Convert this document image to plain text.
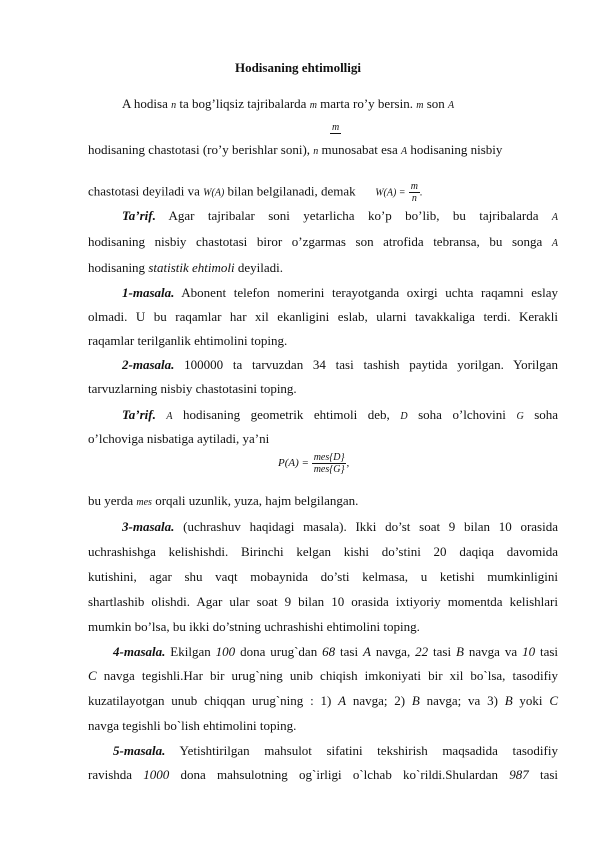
Hodisaning ehtimolligi
A hodisa n ta bog’liqsiz tajribalarda m marta ro’y bersin. m son A
m
hodisaning chastotasi (ro’y berishlar soni), n munosabat esa A hodisaning nisbiy
chastotasi deyiladi va W(A) bilan belgilanadi, demak $W(A) = \frac{m}{n}$ .
Ta’rif. Agar tajribalar soni yetarlicha ko’p bo’lib, bu tajribalarda A
hodisaning nisbiy chastotasi biror o’zgarmas son atrofida tebransa, bu songa A
hodisaning statistik ehtimoli deyiladi.
1-masala. Abonent telefon nomerini terayotganda oxirgi uchta raqamni eslay
olmadi. U bu raqamlar har xil ekanligini eslab, ularni tavakkaliga terdi. Kerakli
raqamlar terilganlik ehtimolini toping.
2-masala. 100000 ta tarvuzdan 34 tasi tashish paytida yorilgan. Yorilgan
tarvuzlarning nisbiy chastotasini toping.
Ta’rif. A hodisaning geometrik ehtimoli deb, D soha o’lchovini G soha
o’lchoviga nisbatiga aytiladi, ya’ni
$P(A) = \frac{\text{mes\{D\}}}{\text{mes\{G\}}}$ ,
bu yerda mes orqali uzunlik, yuza, hajm belgilangan.
3-masala. (uchrashuv haqidagi masala). Ikki do’st soat 9 bilan 10 orasida
uchrashishga kelishishdi. Birinchi kelgan kishi do’stini 20 daqiqa davomida
kutishini, agar shu vaqt mobaynida do’sti kelmasa, u ketishi mumkinligini
shartlashib olishdi. Agar ular soat 9 bilan 10 orasida ixtiyoriy momentda kelishlari
mumkin bo’lsa, bu ikki do’stning uchrashishi ehtimolini toping.
4-masala. Ekilgan 100 dona urug`dan 68 tasi A navga, 22 tasi B navga va 10 tasi
C navga tegishli.Har bir urug`ning unib chiqish imkoniyati bir xil bo`lsa, tasodifiy
kuzatilayotgan unub chiqqan urug`ning : 1) A navga; 2) B navga; va 3) B yoki C
navga tegishli bo`lish ehtimolini toping.
5-masala. Yetishtirilgan mahsulot sifatini tekshirish maqsadida tasodifiy
ravishda 1000 dona mahsulotning og`irligi o`lchab ko`rildi.Shulardan 987 tasi
